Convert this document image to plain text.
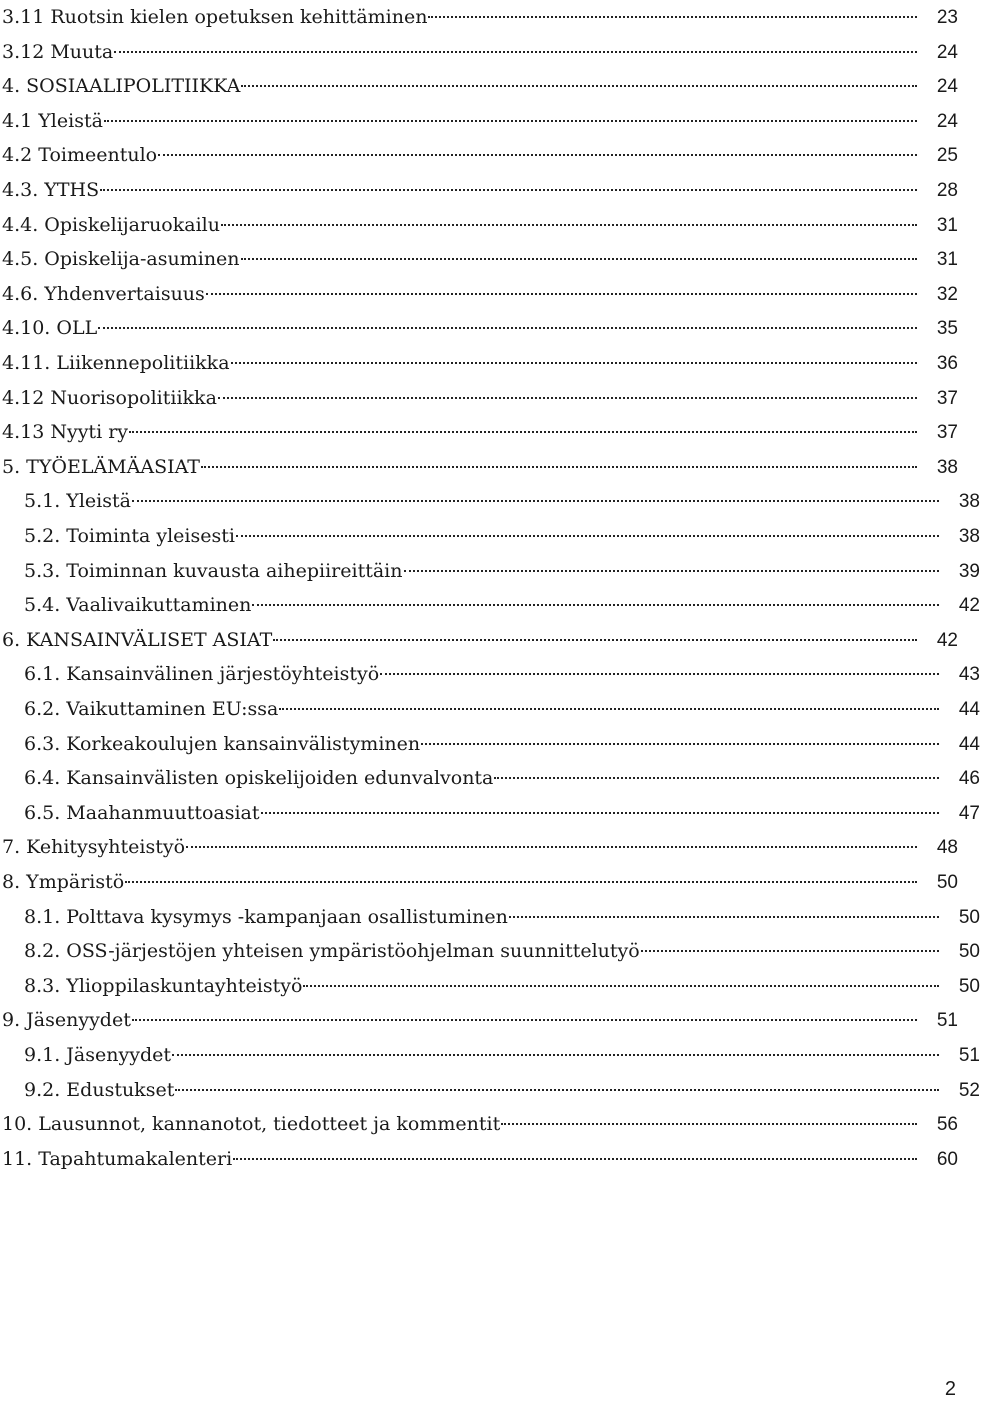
3.11 Ruotsin kielen opetuksen kehittäminen	23
3.12 Muuta	24
4. SOSIAALIPOLITIIKKA	24
4.1 Yleistä	24
4.2 Toimeentulo	25
4.3. YTHS	28
4.4. Opiskelijaruokailu	31
4.5. Opiskelija-asuminen	31
4.6. Yhdenvertaisuus	32
4.10. OLL	35
4.11. Liikennepolitiikka	36
4.12 Nuorisopolitiikka	37
4.13 Nyyti ry	37
5. TYÖELÄMÄASIAT	38
5.1. Yleistä	38
5.2. Toiminta yleisesti	38
5.3. Toiminnan kuvausta aihepiireittäin	39
5.4. Vaalivaikuttaminen	42
6. KANSAINVÄLISET ASIAT	42
6.1. Kansainvälinen järjestöyhteistyö	43
6.2. Vaikuttaminen EU:ssa	44
6.3. Korkeakoulujen kansainvälistyminen	44
6.4. Kansainvälisten opiskelijoiden edunvalvonta	46
6.5. Maahanmuuttoasiat	47
7. Kehitysyhteistyö	48
8. Ympäristö	50
8.1. Polttava kysymys -kampanjaan osallistuminen	50
8.2. OSS-järjestöjen yhteisen ympäristöohjelman suunnittelutyö	50
8.3. Ylioppilaskuntayhteistyö	50
9. Jäsenyydet	51
9.1. Jäsenyydet	51
9.2. Edustukset	52
10. Lausunnot, kannanotot, tiedotteet ja kommentit	56
11. Tapahtumakalenteri	60
2
